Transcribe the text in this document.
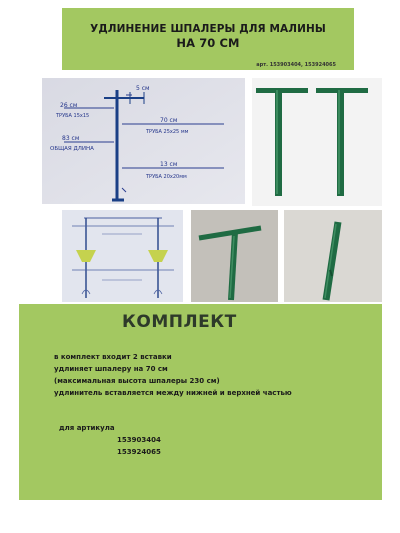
УДЛИНЕНИЕ ШПАЛЕРЫ ДЛЯ МАЛИНЫ
НА 70 СМ
арт. 153903404, 153924065
5 см
26 см
ТРУБА 15х15
70 см
ТРУБА 25х25 мм
83 см
ОБЩАЯ ДЛИНА
13 см
ТРУБА 20х20мм
КОМПЛЕКТ
в комплект входит 2 вставки
удлиняет шпалеру на 70 см
(максимальная высота шпалеры 230 см)
удлинитель вставляется между нижней и верхней частью
для артикула
153903404
153924065
